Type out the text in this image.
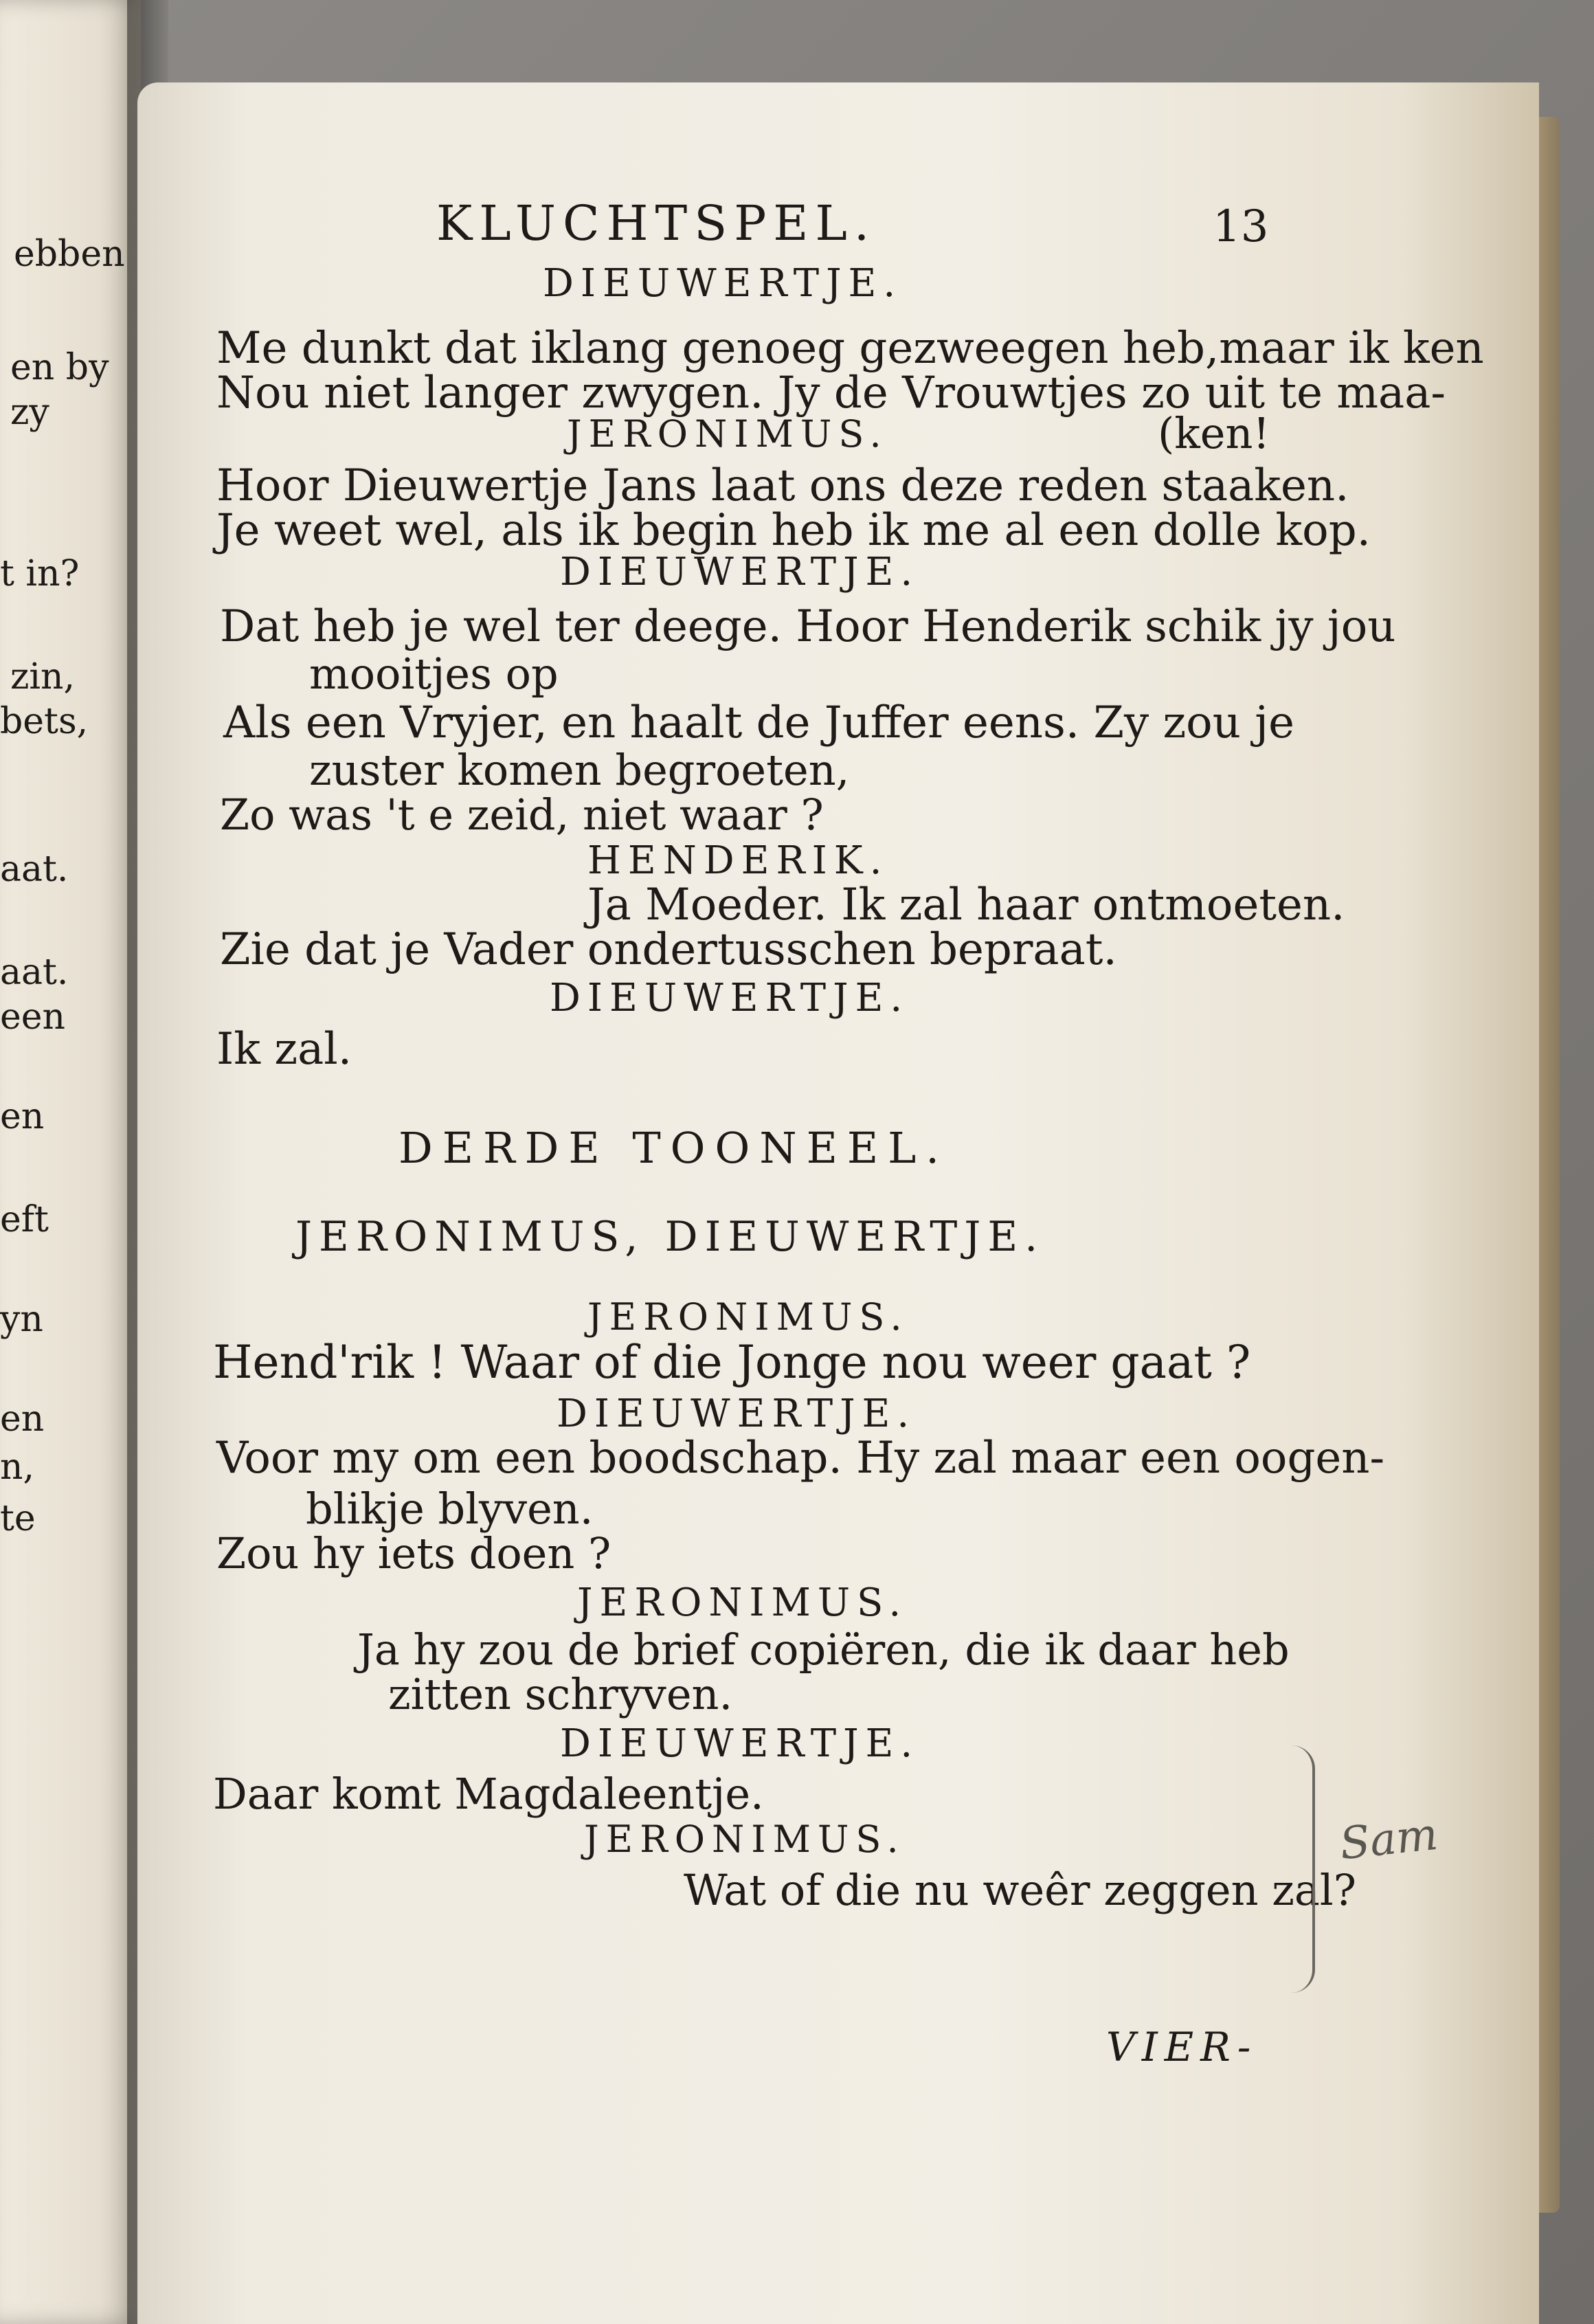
ebben
en by
zy
t in?
zin,
bets,
aat.
aat.
een
en
eft
yn
en
n,
te
KLUCHTSPEL.	13
DIEUWERTJE.
Me dunkt dat iklang genoeg gezweegen heb,maar ik ken
Nou niet langer zwygen. Jy de Vrouwtjes zo uit te maa-
JERONIMUS.	(ken!
Hoor Dieuwertje Jans laat ons deze reden staaken.
Je weet wel, als ik begin heb ik me al een dolle kop.
DIEUWERTJE.
Dat heb je wel ter deege. Hoor Henderik schik jy jou
mooitjes op
Als een Vryjer, en haalt de Juffer eens. Zy zou je
zuster komen begroeten,
Zo was 't e zeid, niet waar ?
HENDERIK.
Ja Moeder. Ik zal haar ontmoeten.
Zie dat je Vader ondertusschen bepraat.
DIEUWERTJE.
Ik zal.
DERDE TOONEEL.
JERONIMUS, DIEUWERTJE.
JERONIMUS.
Hend'rik ! Waar of die Jonge nou weer gaat ?
DIEUWERTJE.
Voor my om een boodschap. Hy zal maar een oogen-
blikje blyven.
Zou hy iets doen ?
JERONIMUS.
Ja hy zou de brief copiëren, die ik daar heb
zitten schryven.
DIEUWERTJE.
Daar komt Magdaleentje.
JERONIMUS.
Wat of die nu weêr zeggen zal?
VIER-
Sam
